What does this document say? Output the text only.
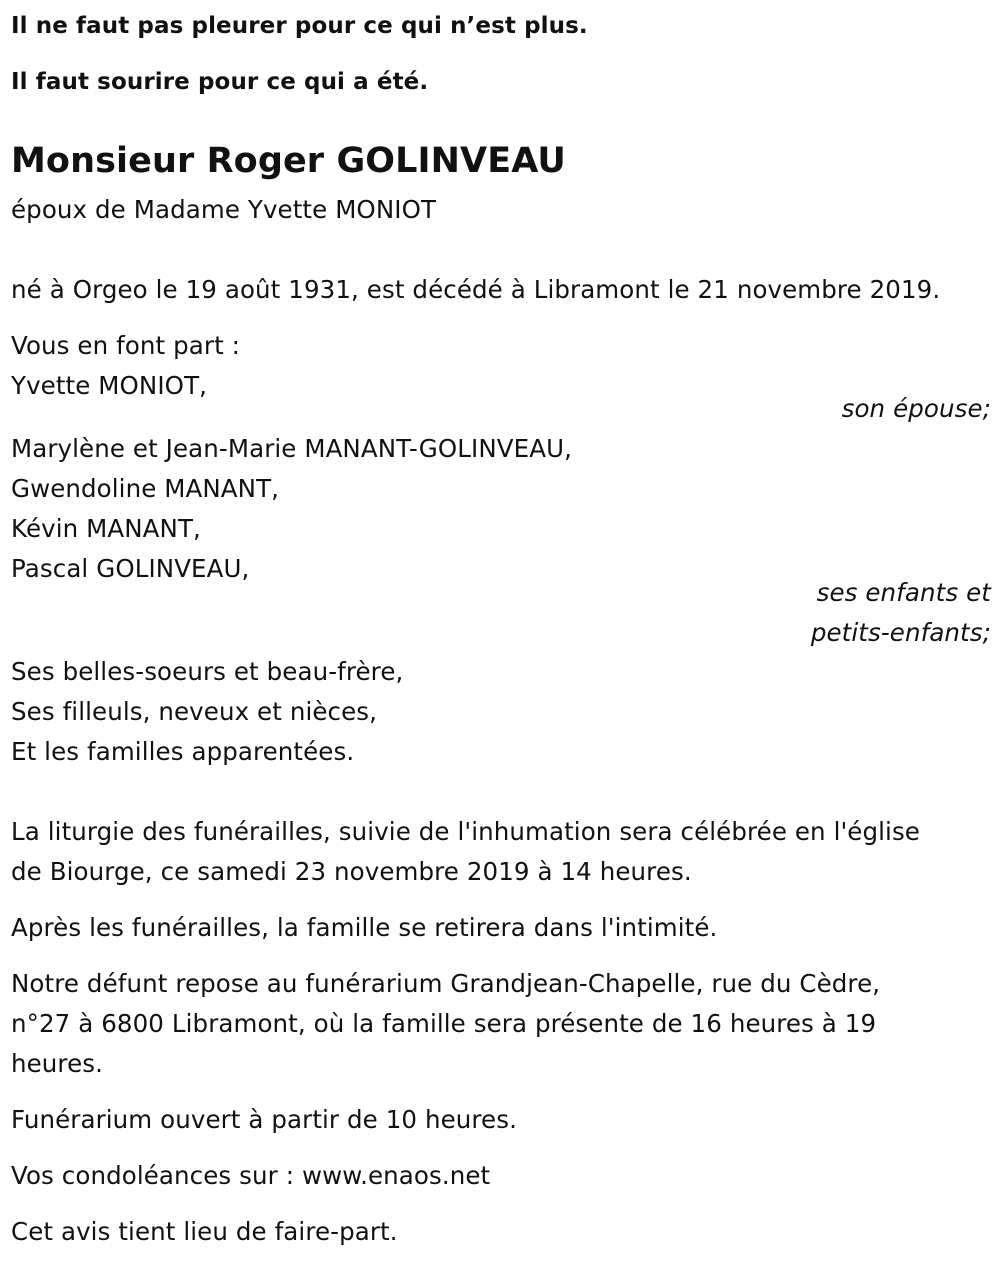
Il ne faut pas pleurer pour ce qui n’est plus.
Il faut sourire pour ce qui a été.
Monsieur Roger GOLINVEAU
époux de Madame Yvette MONIOT
né à Orgeo le 19 août 1931, est décédé à Libramont le 21 novembre 2019.
Vous en font part :
Yvette MONIOT,
son épouse;
Marylène et Jean-Marie MANANT-GOLINVEAU,
Gwendoline MANANT,
Kévin MANANT,
Pascal GOLINVEAU,
ses enfants et
petits-enfants;
Ses belles-soeurs et beau-frère,
Ses filleuls, neveux et nièces,
Et les familles apparentées.
La liturgie des funérailles, suivie de l'inhumation sera célébrée en l'église
de Biourge, ce samedi 23 novembre 2019 à 14 heures.
Après les funérailles, la famille se retirera dans l'intimité.
Notre défunt repose au funérarium Grandjean-Chapelle, rue du Cèdre,
n°27 à 6800 Libramont, où la famille sera présente de 16 heures à 19
heures.
Funérarium ouvert à partir de 10 heures.
Vos condoléances sur : www.enaos.net
Cet avis tient lieu de faire-part.
